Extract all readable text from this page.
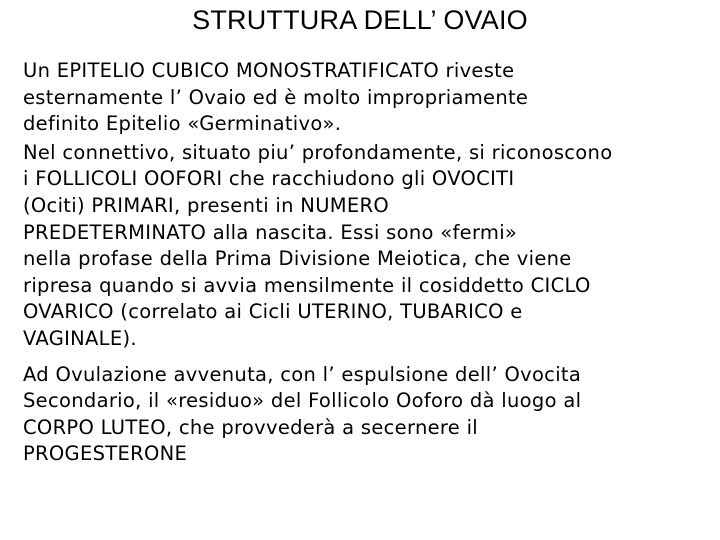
STRUTTURA DELL’ OVAIO

Un EPITELIO CUBICO MONOSTRATIFICATO riveste
esternamente l’ Ovaio ed è molto impropriamente
definito Epitelio «Germinativo».

Nel connettivo, situato piu’ profondamente, si riconoscono
i FOLLICOLI OOFORI che racchiudono gli OVOCITI
(Ociti) PRIMARI, presenti in NUMERO
PREDETERMINATO alla nascita. Essi sono «fermi»
nella profase della Prima Divisione Meiotica, che viene
ripresa quando si avvia mensilmente il cosiddetto CICLO
OVARICO (correlato ai Cicli UTERINO, TUBARICO e
VAGINALE).

Ad Ovulazione avvenuta, con l’ espulsione dell’ Ovocita
Secondario, il «residuo» del Follicolo Ooforo dà luogo al
CORPO LUTEO, che provvederà a secernere il
PROGESTERONE
